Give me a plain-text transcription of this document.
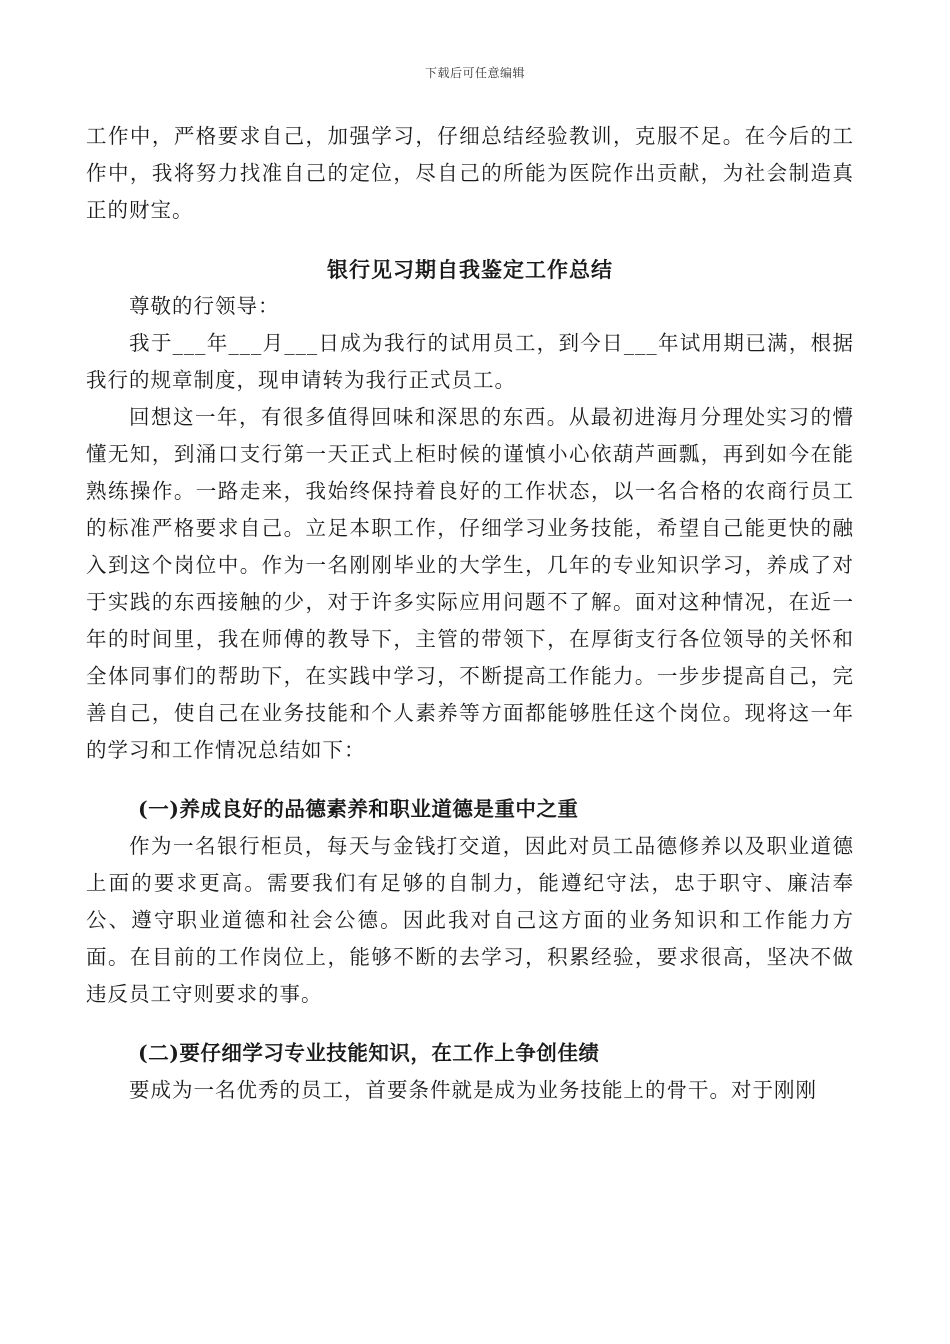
下载后可任意编辑

工作中，严格要求自己，加强学习，仔细总结经验教训，克服不足。在今后的工作中，我将努力找准自己的定位，尽自己的所能为医院作出贡献，为社会制造真正的财宝。

银行见习期自我鉴定工作总结

尊敬的行领导：

我于___年___月___日成为我行的试用员工，到今日___年试用期已满，根据我行的规章制度，现申请转为我行正式员工。

回想这一年，有很多值得回味和深思的东西。从最初进海月分理处实习的懵懂无知，到涌口支行第一天正式上柜时候的谨慎小心依葫芦画瓢，再到如今在能熟练操作。一路走来，我始终保持着良好的工作状态，以一名合格的农商行员工的标准严格要求自己。立足本职工作，仔细学习业务技能，希望自己能更快的融入到这个岗位中。作为一名刚刚毕业的大学生，几年的专业知识学习，养成了对于实践的东西接触的少，对于许多实际应用问题不了解。面对这种情况，在近一年的时间里，我在师傅的教导下，主管的带领下，在厚街支行各位领导的关怀和全体同事们的帮助下，在实践中学习，不断提高工作能力。一步步提高自己，完善自己，使自己在业务技能和个人素养等方面都能够胜任这个岗位。现将这一年的学习和工作情况总结如下：

(一)养成良好的品德素养和职业道德是重中之重

作为一名银行柜员，每天与金钱打交道，因此对员工品德修养以及职业道德上面的要求更高。需要我们有足够的自制力，能遵纪守法，忠于职守、廉洁奉公、遵守职业道德和社会公德。因此我对自己这方面的业务知识和工作能力方面。在目前的工作岗位上，能够不断的去学习，积累经验，要求很高，坚决不做违反员工守则要求的事。

(二)要仔细学习专业技能知识，在工作上争创佳绩

要成为一名优秀的员工，首要条件就是成为业务技能上的骨干。对于刚刚
